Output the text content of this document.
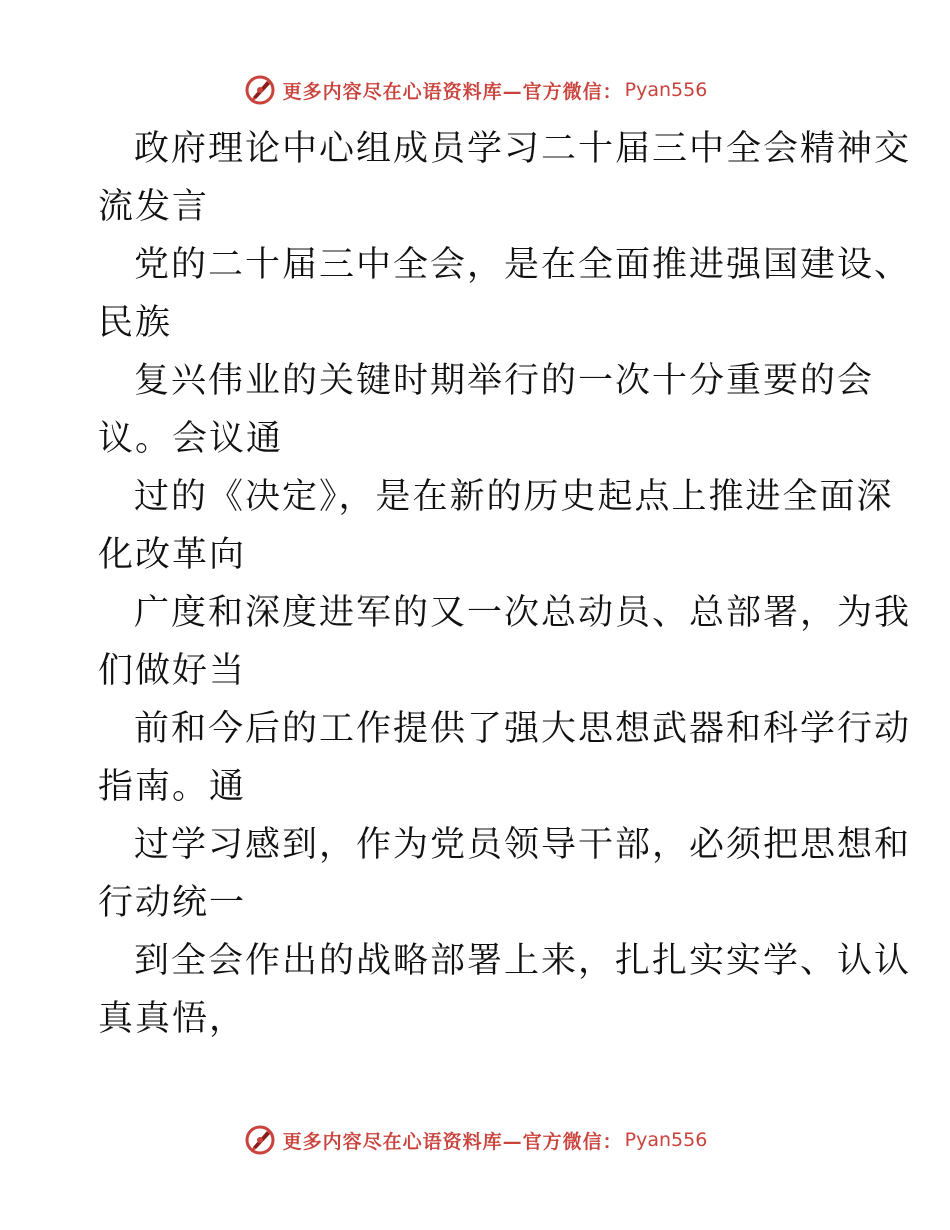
更多内容尽在心语资料库—官方微信： Pyan556
政府理论中心组成员学习二十届三中全会精神交
流发言
党的二十届三中全会，是在全面推进强国建设、
民族
复兴伟业的关键时期举行的一次十分重要的会
议。会议通
过的《决定》，是在新的历史起点上推进全面深
化改革向
广度和深度进军的又一次总动员、总部署，为我
们做好当
前和今后的工作提供了强大思想武器和科学行动
指南。通
过学习感到，作为党员领导干部，必须把思想和
行动统一
到全会作出的战略部署上来，扎扎实实学、认认
真真悟，
更多内容尽在心语资料库—官方微信： Pyan556
